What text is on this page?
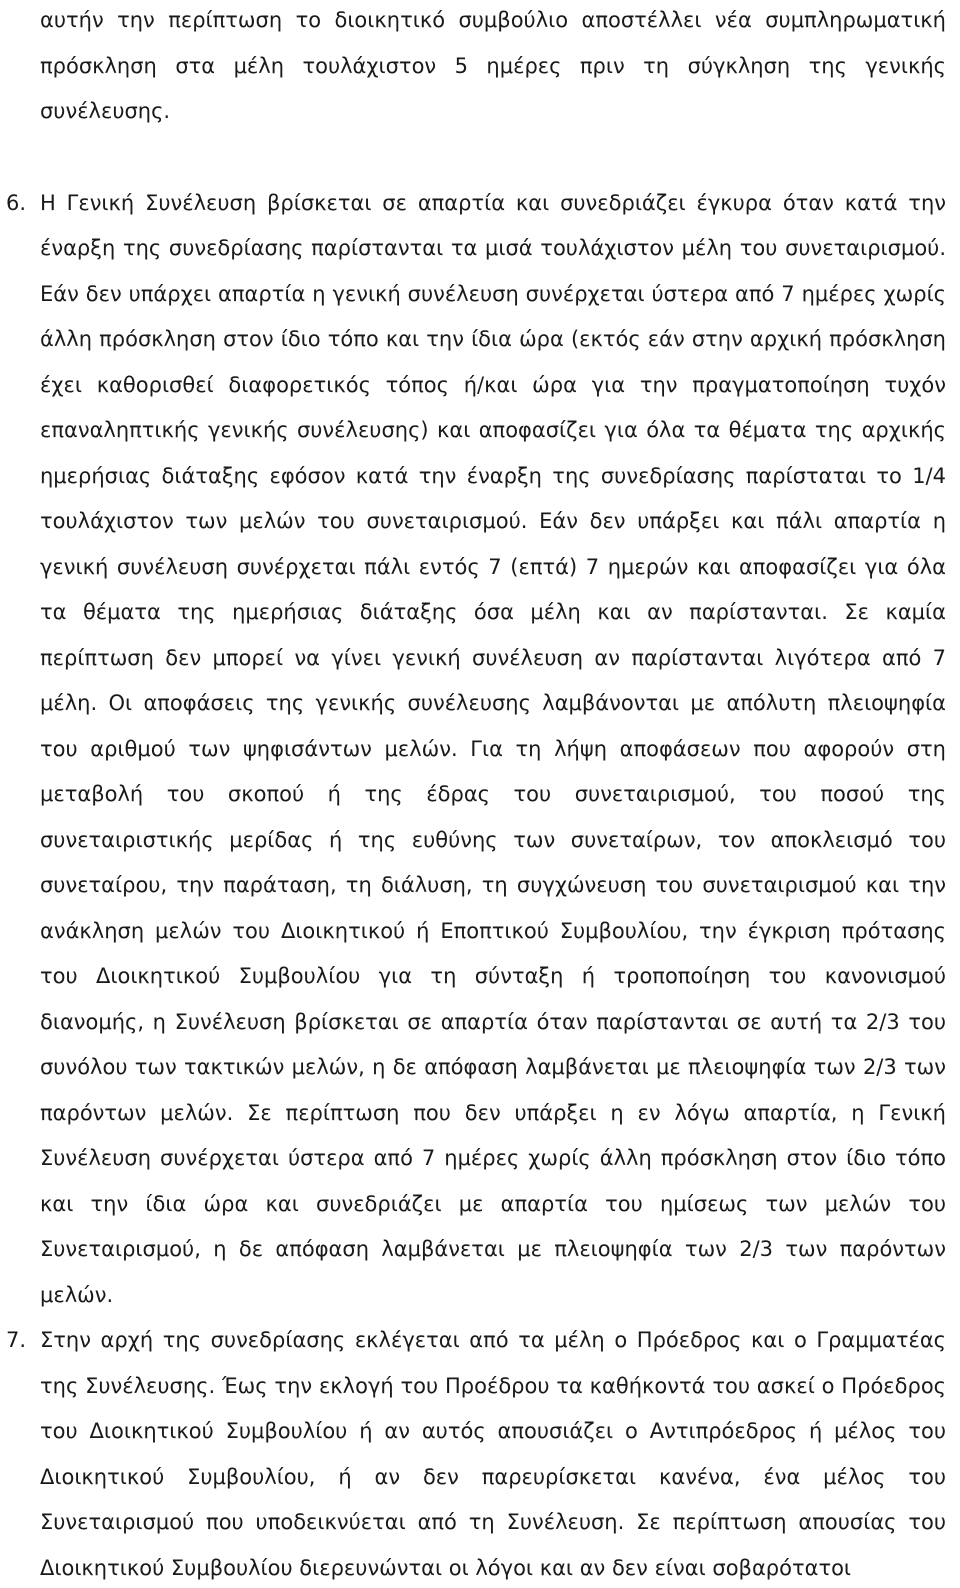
αυτήν την περίπτωση το διοικητικό συμβούλιο αποστέλλει νέα συμπληρωματική πρόσκληση στα μέλη τουλάχιστον 5 ημέρες πριν τη σύγκληση της γενικής συνέλευσης.

6. Η Γενική Συνέλευση βρίσκεται σε απαρτία και συνεδριάζει έγκυρα όταν κατά την έναρξη της συνεδρίασης παρίστανται τα μισά τουλάχιστον μέλη του συνεταιρισμού. Εάν δεν υπάρχει απαρτία η γενική συνέλευση συνέρχεται ύστερα από 7 ημέρες χωρίς άλλη πρόσκληση στον ίδιο τόπο και την ίδια ώρα (εκτός εάν στην αρχική πρόσκληση έχει καθορισθεί διαφορετικός τόπος ή/και ώρα για την πραγματοποίηση τυχόν επαναληπτικής γενικής συνέλευσης) και αποφασίζει για όλα τα θέματα της αρχικής ημερήσιας διάταξης εφόσον κατά την έναρξη της συνεδρίασης παρίσταται το 1/4 τουλάχιστον των μελών του συνεταιρισμού. Εάν δεν υπάρξει και πάλι απαρτία η γενική συνέλευση συνέρχεται πάλι εντός 7 (επτά) 7 ημερών και αποφασίζει για όλα τα θέματα της ημερήσιας διάταξης όσα μέλη και αν παρίστανται. Σε καμία περίπτωση δεν μπορεί να γίνει γενική συνέλευση αν παρίστανται λιγότερα από 7 μέλη. Οι αποφάσεις της γενικής συνέλευσης λαμβάνονται με απόλυτη πλειοψηφία του αριθμού των ψηφισάντων μελών. Για τη λήψη αποφάσεων που αφορούν στη μεταβολή του σκοπού ή της έδρας του συνεταιρισμού, του ποσού της συνεταιριστικής μερίδας ή της ευθύνης των συνεταίρων, τον αποκλεισμό του συνεταίρου, την παράταση, τη διάλυση, τη συγχώνευση του συνεταιρισμού και την ανάκληση μελών του Διοικητικού ή Εποπτικού Συμβουλίου, την έγκριση πρότασης του Διοικητικού Συμβουλίου για τη σύνταξη ή τροποποίηση του κανονισμού διανομής, η Συνέλευση βρίσκεται σε απαρτία όταν παρίστανται σε αυτή τα 2/3 του συνόλου των τακτικών μελών, η δε απόφαση λαμβάνεται με πλειοψηφία των 2/3 των παρόντων μελών. Σε περίπτωση που δεν υπάρξει η εν λόγω απαρτία, η Γενική Συνέλευση συνέρχεται ύστερα από 7 ημέρες χωρίς άλλη πρόσκληση στον ίδιο τόπο και την ίδια ώρα και συνεδριάζει με απαρτία του ημίσεως των μελών του Συνεταιρισμού, η δε απόφαση λαμβάνεται με πλειοψηφία των 2/3 των παρόντων μελών.
7. Στην αρχή της συνεδρίασης εκλέγεται από τα μέλη ο Πρόεδρος και ο Γραμματέας της Συνέλευσης. Έως την εκλογή του Προέδρου τα καθήκοντά του ασκεί ο Πρόεδρος του Διοικητικού Συμβουλίου ή αν αυτός απουσιάζει ο Αντιπρόεδρος ή μέλος του Διοικητικού Συμβουλίου, ή αν δεν παρευρίσκεται κανένα, ένα μέλος του Συνεταιρισμού που υποδεικνύεται από τη Συνέλευση. Σε περίπτωση απουσίας του Διοικητικού Συμβουλίου διερευνώνται οι λόγοι και αν δεν είναι σοβαρότατοι
